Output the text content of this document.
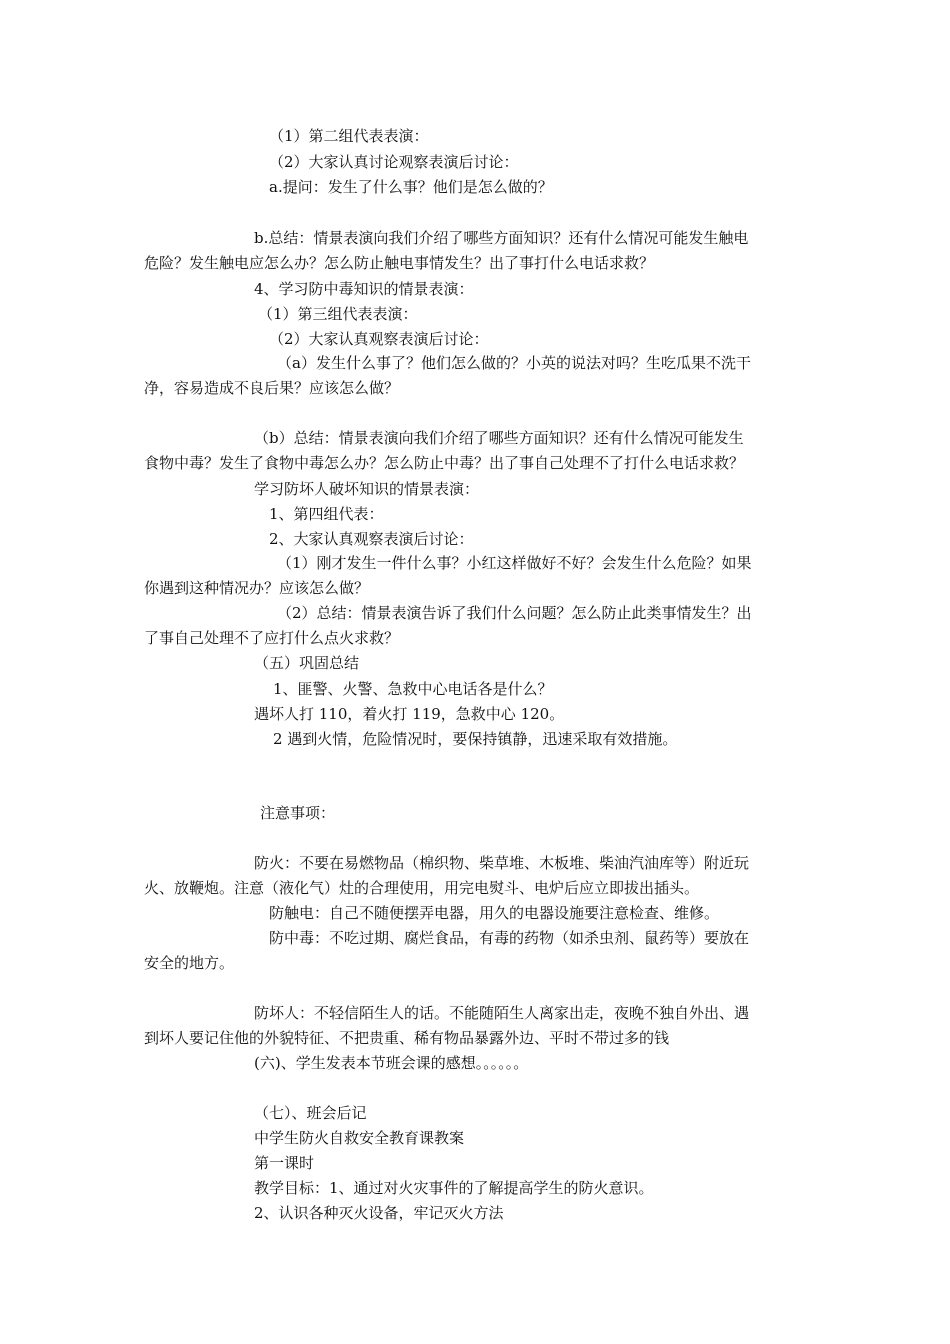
（1）第二组代表表演：
（2）大家认真讨论观察表演后讨论：
a.提问：发生了什么事？他们是怎么做的？
b.总结：情景表演向我们介绍了哪些方面知识？还有什么情况可能发生触电
危险？发生触电应怎么办？怎么防止触电事情发生？出了事打什么电话求救？
4、学习防中毒知识的情景表演：
（1）第三组代表表演：
（2）大家认真观察表演后讨论：
（a）发生什么事了？他们怎么做的？小英的说法对吗？生吃瓜果不洗干
净，容易造成不良后果？应该怎么做？
（b）总结：情景表演向我们介绍了哪些方面知识？还有什么情况可能发生
食物中毒？发生了食物中毒怎么办？怎么防止中毒？出了事自己处理不了打什么电话求救？
学习防坏人破坏知识的情景表演：
1、第四组代表：
2、大家认真观察表演后讨论：
（1）刚才发生一件什么事？小红这样做好不好？会发生什么危险？如果
你遇到这种情况办？应该怎么做？
（2）总结：情景表演告诉了我们什么问题？怎么防止此类事情发生？出
了事自己处理不了应打什么点火求救？
（五）巩固总结
1、匪警、火警、急救中心电话各是什么？
遇坏人打 110，着火打 119，急救中心 120。
2 遇到火情，危险情况时，要保持镇静，迅速采取有效措施。
注意事项：
防火：不要在易燃物品（棉织物、柴草堆、木板堆、柴油汽油库等）附近玩
火、放鞭炮。注意（液化气）灶的合理使用，用完电熨斗、电炉后应立即拔出插头。
防触电：自己不随便摆弄电器，用久的电器设施要注意检查、维修。
防中毒：不吃过期、腐烂食品，有毒的药物（如杀虫剂、鼠药等）要放在
安全的地方。
防坏人：不轻信陌生人的话。不能随陌生人离家出走，夜晚不独自外出、遇
到坏人要记住他的外貌特征、不把贵重、稀有物品暴露外边、平时不带过多的钱
(六)、学生发表本节班会课的感想。。。。。。
（七）、班会后记
中学生防火自救安全教育课教案
第一课时
教学目标：1、通过对火灾事件的了解提高学生的防火意识。
2、认识各种灭火设备，牢记灭火方法
